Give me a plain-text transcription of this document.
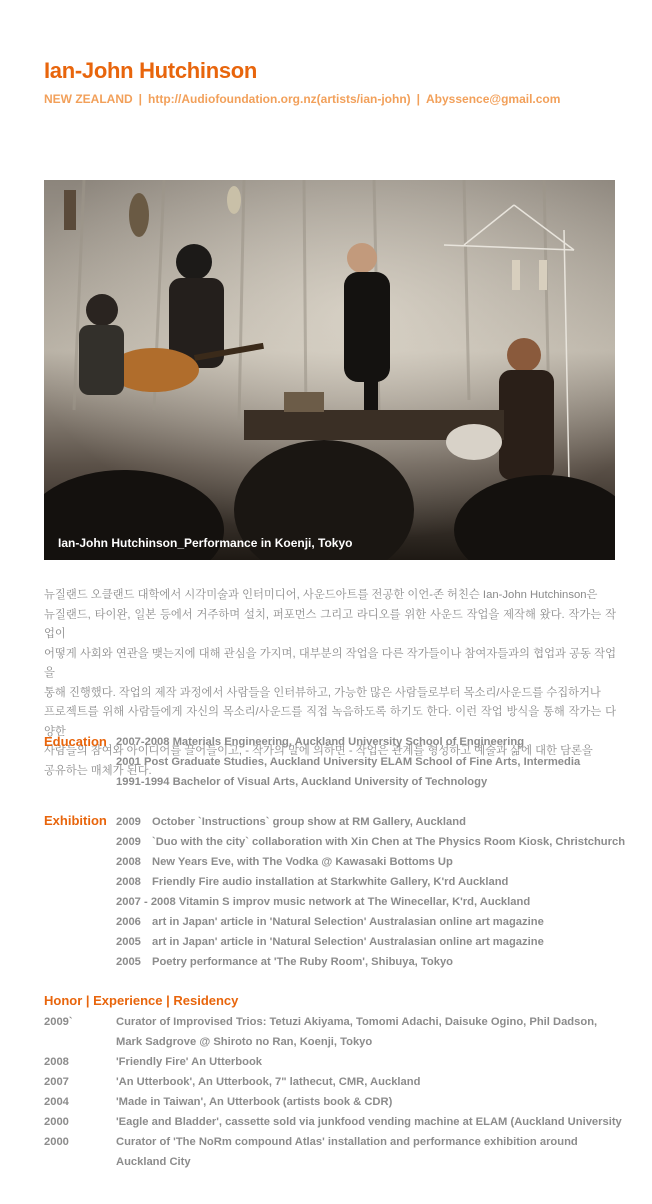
Ian-John Hutchinson
NEW ZEALAND | http://Audiofoundation.org.nz(artists/ian-john) | Abyssence@gmail.com
Ian-John Hutchinson_Performance in Koenji, Tokyo
뉴질랜드 오클랜드 대학에서 시각미술과 인터미디어, 사운드아트를 전공한 이언-존 허친슨 Ian-John Hutchinson은
뉴질랜드, 타이완, 일본 등에서 거주하며 설치, 퍼포먼스 그리고 라디오를 위한 사운드 작업을 제작해 왔다. 작가는 작업이
어떻게 사회와 연관을 맺는지에 대해 관심을 가지며, 대부분의 작업을 다른 작가들이나 참여자들과의 협업과 공동 작업을
통해 진행했다. 작업의 제작 과정에서 사람들을 인터뷰하고, 가능한 많은 사람들로부터 목소리/사운드를 수집하거나
프로젝트를 위해 사람들에게 자신의 목소리/사운드를 직접 녹음하도록 하기도 한다. 이런 작업 방식을 통해 작가는 다양한
사람들의 참여와 아이디어를 끌어들이고, - 작가의 말에 의하면 - 작업은 관계를 형성하고 예술과 삶에 대한 담론을
공유하는 매체가 된다.
Education 2007-2008 Materials Engineering, Auckland University School of Engineering
2001 Post Graduate Studies, Auckland University ELAM School of Fine Arts, Intermedia
1991-1994 Bachelor of Visual Arts, Auckland University of Technology
Exhibition 2009 October `Instructions` group show at RM Gallery, Auckland
2009 `Duo with the city` collaboration with Xin Chen at The Physics Room Kiosk, Christchurch
2008 New Years Eve, with The Vodka @ Kawasaki Bottoms Up
2008 Friendly Fire audio installation at Starkwhite Gallery, K'rd Auckland
2007 - 2008 Vitamin S improv music network at The Winecellar, K'rd, Auckland
2006 art in Japan' article in 'Natural Selection' Australasian online art magazine
2005 art in Japan' article in 'Natural Selection' Australasian online art magazine
2005 Poetry performance at 'The Ruby Room', Shibuya, Tokyo
Honor | Experience | Residency
2009`	Curator of Improvised Trios: Tetuzi Akiyama, Tomomi Adachi, Daisuke Ogino, Phil Dadson,
Mark Sadgrove @ Shiroto no Ran, Koenji, Tokyo
2008	'Friendly Fire' An Utterbook
2007	'An Utterbook', An Utterbook, 7" lathecut, CMR, Auckland
2004	'Made in Taiwan', An Utterbook (artists book & CDR)
2000	'Eagle and Bladder', cassette sold via junkfood vending machine at ELAM (Auckland University
2000	Curator of 'The NoRm compound Atlas' installation and performance exhibition around
Auckland City
